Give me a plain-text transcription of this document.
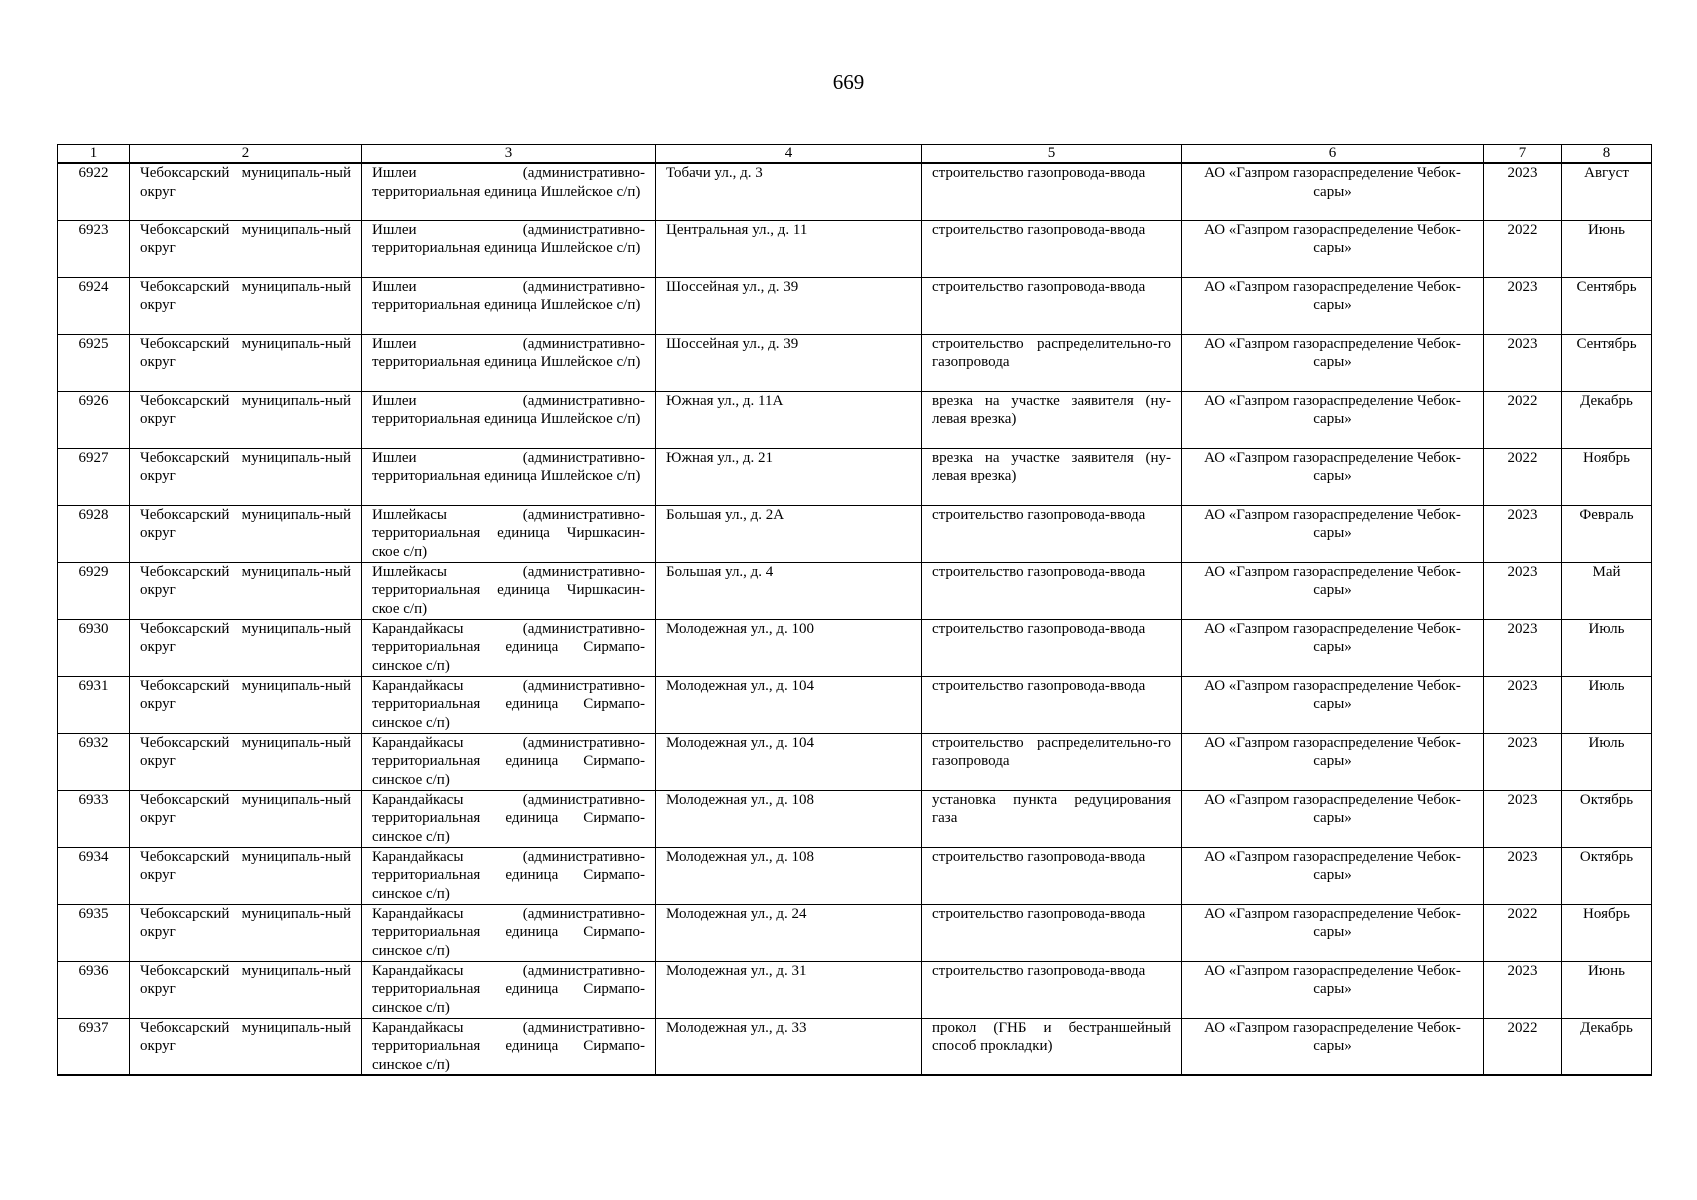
669
1	2	3	4	5	6	7	8
6922	Чебоксарский муниципаль-ный округ	Ишлеи (административно-территориальная единица Ишлейское с/п)	Тобачи ул., д. 3	строительство газопровода-ввода	АО «Газпром газораспределение Чебок-сары»	2023	Август
6923	Чебоксарский муниципаль-ный округ	Ишлеи (административно-территориальная единица Ишлейское с/п)	Центральная ул., д. 11	строительство газопровода-ввода	АО «Газпром газораспределение Чебок-сары»	2022	Июнь
6924	Чебоксарский муниципаль-ный округ	Ишлеи (административно-территориальная единица Ишлейское с/п)	Шоссейная ул., д. 39	строительство газопровода-ввода	АО «Газпром газораспределение Чебок-сары»	2023	Сентябрь
6925	Чебоксарский муниципаль-ный округ	Ишлеи (административно-территориальная единица Ишлейское с/п)	Шоссейная ул., д. 39	строительство распределительно-го газопровода	АО «Газпром газораспределение Чебок-сары»	2023	Сентябрь
6926	Чебоксарский муниципаль-ный округ	Ишлеи (административно-территориальная единица Ишлейское с/п)	Южная ул., д. 11А	врезка на участке заявителя (ну-левая врезка)	АО «Газпром газораспределение Чебок-сары»	2022	Декабрь
6927	Чебоксарский муниципаль-ный округ	Ишлеи (административно-территориальная единица Ишлейское с/п)	Южная ул., д. 21	врезка на участке заявителя (ну-левая врезка)	АО «Газпром газораспределение Чебок-сары»	2022	Ноябрь
6928	Чебоксарский муниципаль-ный округ	Ишлейкасы (административно-территориальная единица Чиршкасин-ское с/п)	Большая ул., д. 2А	строительство газопровода-ввода	АО «Газпром газораспределение Чебок-сары»	2023	Февраль
6929	Чебоксарский муниципаль-ный округ	Ишлейкасы (административно-территориальная единица Чиршкасин-ское с/п)	Большая ул., д. 4	строительство газопровода-ввода	АО «Газпром газораспределение Чебок-сары»	2023	Май
6930	Чебоксарский муниципаль-ный округ	Карандайкасы (административно-территориальная единица Сирмапо-синское с/п)	Молодежная ул., д. 100	строительство газопровода-ввода	АО «Газпром газораспределение Чебок-сары»	2023	Июль
6931	Чебоксарский муниципаль-ный округ	Карандайкасы (административно-территориальная единица Сирмапо-синское с/п)	Молодежная ул., д. 104	строительство газопровода-ввода	АО «Газпром газораспределение Чебок-сары»	2023	Июль
6932	Чебоксарский муниципаль-ный округ	Карандайкасы (административно-территориальная единица Сирмапо-синское с/п)	Молодежная ул., д. 104	строительство распределительно-го газопровода	АО «Газпром газораспределение Чебок-сары»	2023	Июль
6933	Чебоксарский муниципаль-ный округ	Карандайкасы (административно-территориальная единица Сирмапо-синское с/п)	Молодежная ул., д. 108	установка пункта редуцирования газа	АО «Газпром газораспределение Чебок-сары»	2023	Октябрь
6934	Чебоксарский муниципаль-ный округ	Карандайкасы (административно-территориальная единица Сирмапо-синское с/п)	Молодежная ул., д. 108	строительство газопровода-ввода	АО «Газпром газораспределение Чебок-сары»	2023	Октябрь
6935	Чебоксарский муниципаль-ный округ	Карандайкасы (административно-территориальная единица Сирмапо-синское с/п)	Молодежная ул., д. 24	строительство газопровода-ввода	АО «Газпром газораспределение Чебок-сары»	2022	Ноябрь
6936	Чебоксарский муниципаль-ный округ	Карандайкасы (административно-территориальная единица Сирмапо-синское с/п)	Молодежная ул., д. 31	строительство газопровода-ввода	АО «Газпром газораспределение Чебок-сары»	2023	Июнь
6937	Чебоксарский муниципаль-ный округ	Карандайкасы (административно-территориальная единица Сирмапо-синское с/п)	Молодежная ул., д. 33	прокол (ГНБ и бестраншейный способ прокладки)	АО «Газпром газораспределение Чебок-сары»	2022	Декабрь
